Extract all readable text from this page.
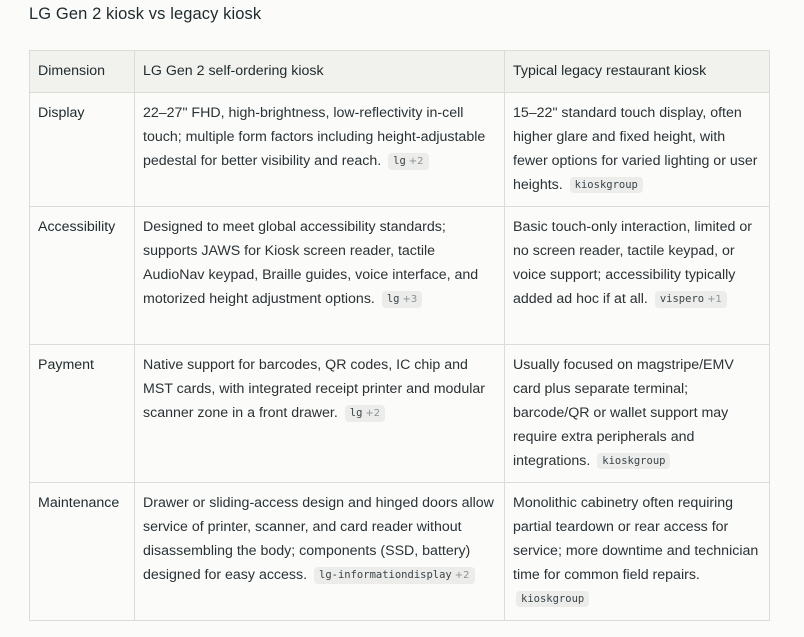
LG Gen 2 kiosk vs legacy kiosk
Dimension	LG Gen 2 self-ordering kiosk	Typical legacy restaurant kiosk
Display	22–27" FHD, high-brightness, low-reflectivity in-cell touch; multiple form factors including height-adjustable pedestal for better visibility and reach. lg +2	15–22" standard touch display, often higher glare and fixed height, with fewer options for varied lighting or user heights. kioskgroup
Accessibility	Designed to meet global accessibility standards; supports JAWS for Kiosk screen reader, tactile AudioNav keypad, Braille guides, voice interface, and motorized height adjustment options. lg +3	Basic touch-only interaction, limited or no screen reader, tactile keypad, or voice support; accessibility typically added ad hoc if at all. vispero +1
Payment	Native support for barcodes, QR codes, IC chip and MST cards, with integrated receipt printer and modular scanner zone in a front drawer. lg +2	Usually focused on magstripe/EMV card plus separate terminal; barcode/QR or wallet support may require extra peripherals and integrations. kioskgroup
Maintenance	Drawer or sliding-access design and hinged doors allow service of printer, scanner, and card reader without disassembling the body; components (SSD, battery) designed for easy access. lg-informationdisplay +2	Monolithic cabinetry often requiring partial teardown or rear access for service; more downtime and technician time for common field repairs. kioskgroup
